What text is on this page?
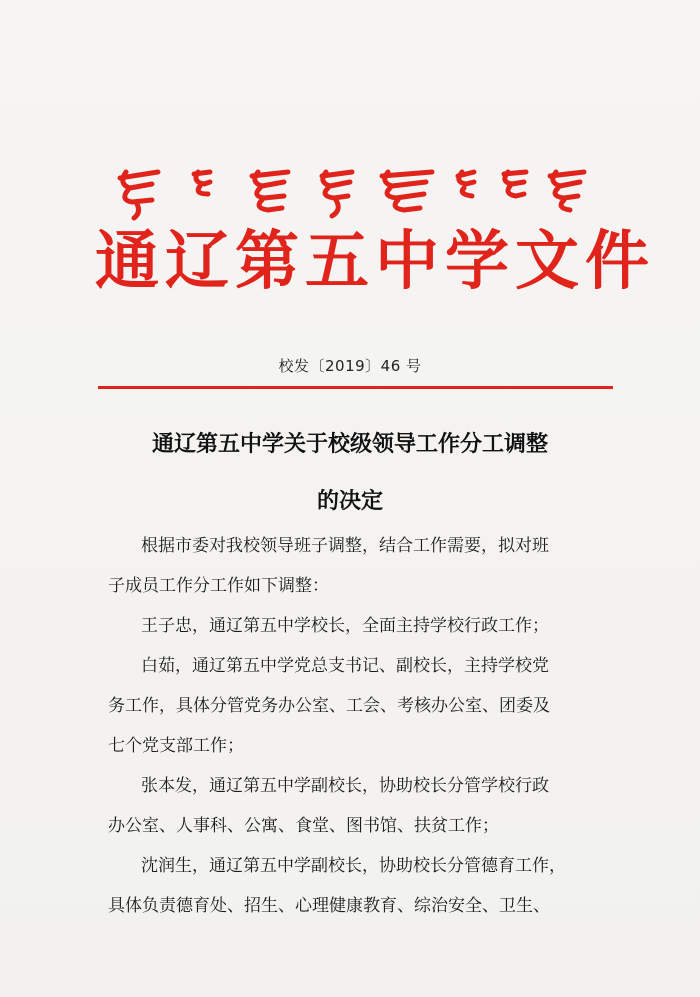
通辽第五中学文件
校发〔2019〕46 号
通辽第五中学关于校级领导工作分工调整
的决定
根据市委对我校领导班子调整，结合工作需要，拟对班
子成员工作分工作如下调整：
王子忠，通辽第五中学校长，全面主持学校行政工作；
白茹，通辽第五中学党总支书记、副校长，主持学校党
务工作，具体分管党务办公室、工会、考核办公室、团委及
七个党支部工作；
张本发，通辽第五中学副校长，协助校长分管学校行政
办公室、人事科、公寓、食堂、图书馆、扶贫工作；
沈润生，通辽第五中学副校长，协助校长分管德育工作，
具体负责德育处、招生、心理健康教育、综治安全、卫生、
